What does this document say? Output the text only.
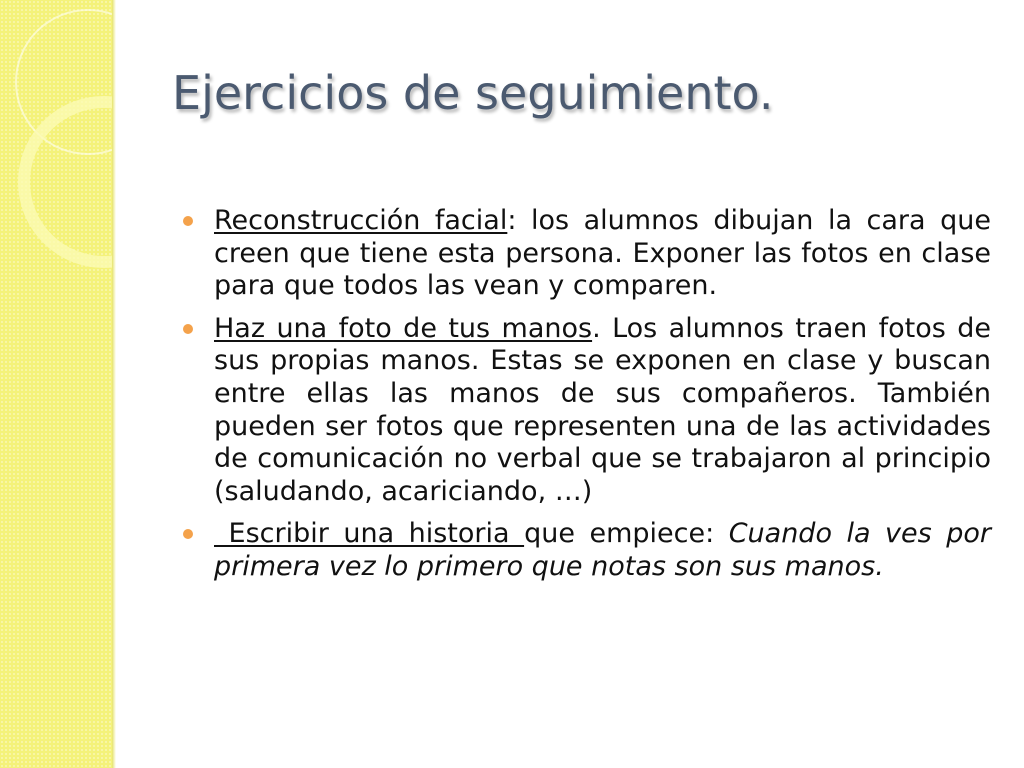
Ejercicios de seguimiento.
Reconstrucción facial: los alumnos dibujan la cara que creen que tiene esta persona. Exponer las fotos en clase para que todos las vean y comparen.
Haz una foto de tus manos. Los alumnos traen fotos de sus propias manos. Estas se exponen en clase y buscan entre ellas las manos de sus compañeros. También pueden ser fotos que representen una de las actividades de comunicación no verbal que se trabajaron al principio (saludando, acariciando, …)
Escribir una historia que empiece: Cuando la ves por primera vez lo primero que notas son sus manos.
